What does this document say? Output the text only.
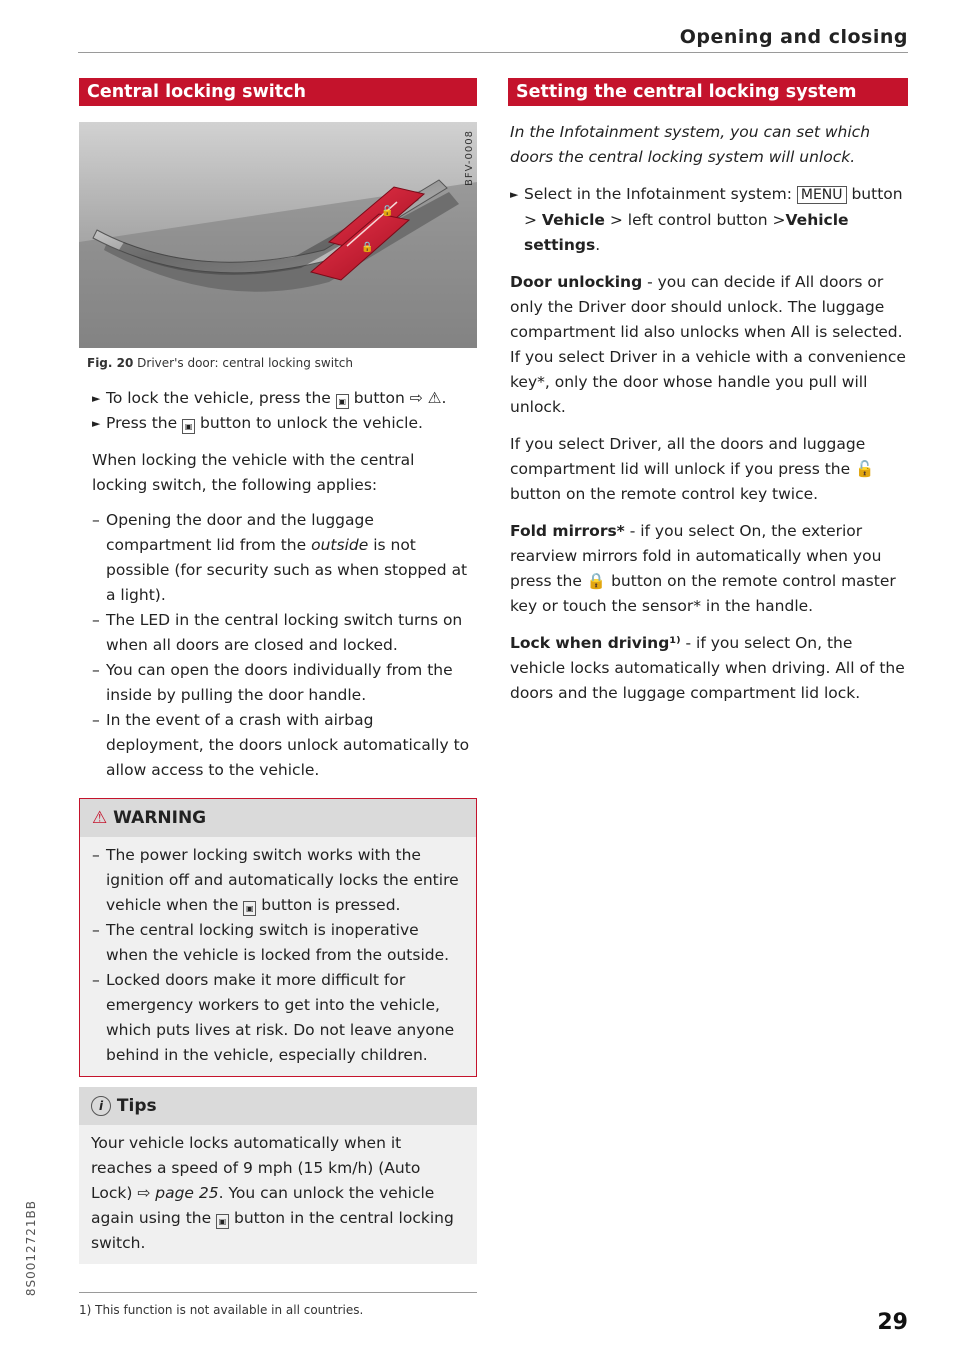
Opening and closing
Central locking switch
🔓
🔒
BFV-0008
Fig. 20 Driver's door: central locking switch
► To lock the vehicle, press the ▣ button ⇨ ⚠.
► Press the ▣ button to unlock the vehicle.

When locking the vehicle with the central locking switch, the following applies:

– Opening the door and the luggage compartment lid from the outside is not possible (for security such as when stopped at a light).
– The LED in the central locking switch turns on when all doors are closed and locked.
– You can open the doors individually from the inside by pulling the door handle.
– In the event of a crash with airbag deployment, the doors unlock automatically to allow access to the vehicle.
⚠ WARNING
– The power locking switch works with the ignition off and automatically locks the entire vehicle when the ▣ button is pressed.
– The central locking switch is inoperative when the vehicle is locked from the outside.
– Locked doors make it more difficult for emergency workers to get into the vehicle, which puts lives at risk. Do not leave anyone behind in the vehicle, especially children.
i Tips

Your vehicle locks automatically when it reaches a speed of 9 mph (15 km/h) (Auto Lock) ⇨ page 25. You can unlock the vehicle again using the ▣ button in the central locking switch.

1) This function is not available in all countries.
Setting the central locking system

In the Infotainment system, you can set which doors the central locking system will unlock.

► Select in the Infotainment system: MENU button > Vehicle > left control button >Vehicle settings.

Door unlocking - you can decide if All doors or only the Driver door should unlock. The luggage compartment lid also unlocks when All is selected. If you select Driver in a vehicle with a convenience key*, only the door whose handle you pull will unlock.

If you select Driver, all the doors and luggage compartment lid will unlock if you press the 🔓 button on the remote control key twice.

Fold mirrors* - if you select On, the exterior rearview mirrors fold in automatically when you press the 🔒 button on the remote control master key or touch the sensor* in the handle.

Lock when driving¹⁾ - if you select On, the vehicle locks automatically when driving. All of the doors and the luggage compartment lid lock.

8S0012721BB
29
